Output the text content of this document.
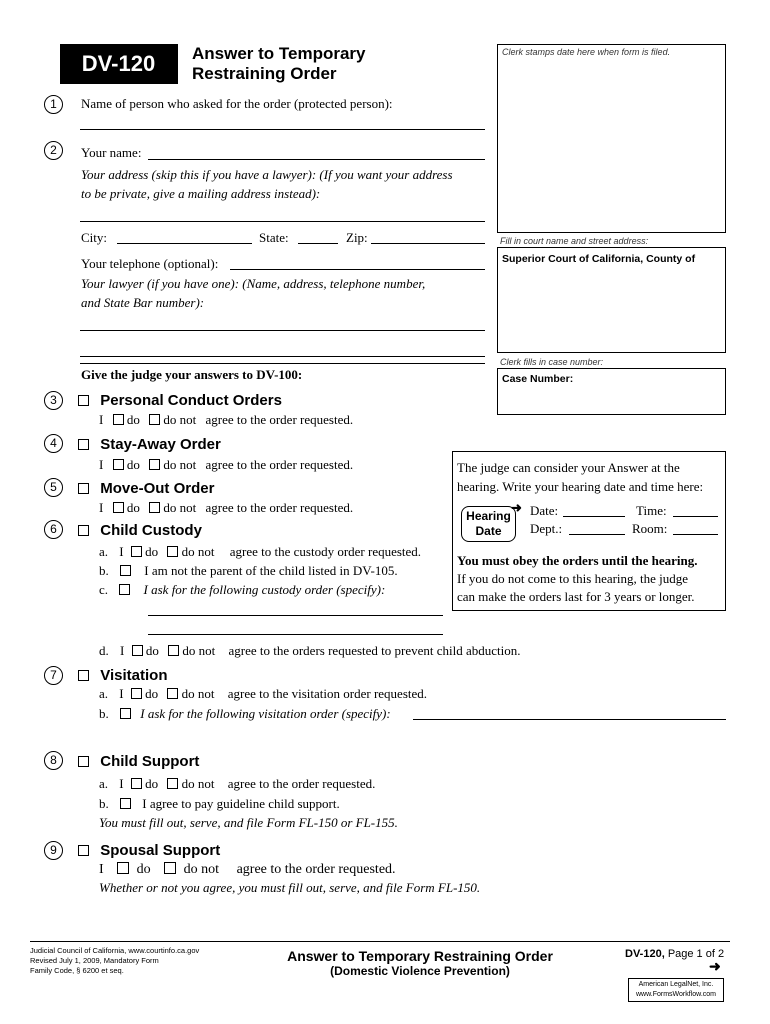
DV-120	Answer to Temporary
Restraining Order
Clerk stamps date here when form is filed.
Fill in court name and street address:
Superior Court of California, County of
Clerk fills in case number:
Case Number:
1	Name of person who asked for the order (protected person):
2	Your name:
Your address (skip this if you have a lawyer): (If you want your address
to be private, give a mailing address instead):
City:	State:	Zip:
Your telephone (optional):
Your lawyer (if you have one): (Name, address, telephone number,
and State Bar number):
Give the judge your answers to DV-100:
3	Personal Conduct Orders
I do do not agree to the order requested.
4	Stay-Away Order
I do do not agree to the order requested.
5	Move-Out Order
I do do not agree to the order requested.
6	Child Custody
a. I do do not agree to the custody order requested.
b.	I am not the parent of the child listed in DV-105.
c.	I ask for the following custody order (specify):
d. I do do not agree to the orders requested to prevent child abduction.
The judge can consider your Answer at the
hearing. Write your hearing date and time here:
Hearing
Date
➜ Date:	Time:
Dept.:	Room:
You must obey the orders until the hearing.
If you do not come to this hearing, the judge
can make the orders last for 3 years or longer.
7	Visitation
a. I do do not agree to the visitation order requested.
b. I ask for the following visitation order (specify):
8	Child Support
a. I do do not agree to the order requested.
b.	I agree to pay guideline child support.
You must fill out, serve, and file Form FL-150 or FL-155.
9	Spousal Support
I do do not agree to the order requested.
Whether or not you agree, you must fill out, serve, and file Form FL-150.
Judicial Council of California, www.courtinfo.ca.gov
Revised July 1, 2009, Mandatory Form
Family Code, § 6200 et seq.
Answer to Temporary Restraining Order
(Domestic Violence Prevention)
DV-120, Page 1 of 2
➜
American LegalNet, Inc.
www.FormsWorkflow.com
